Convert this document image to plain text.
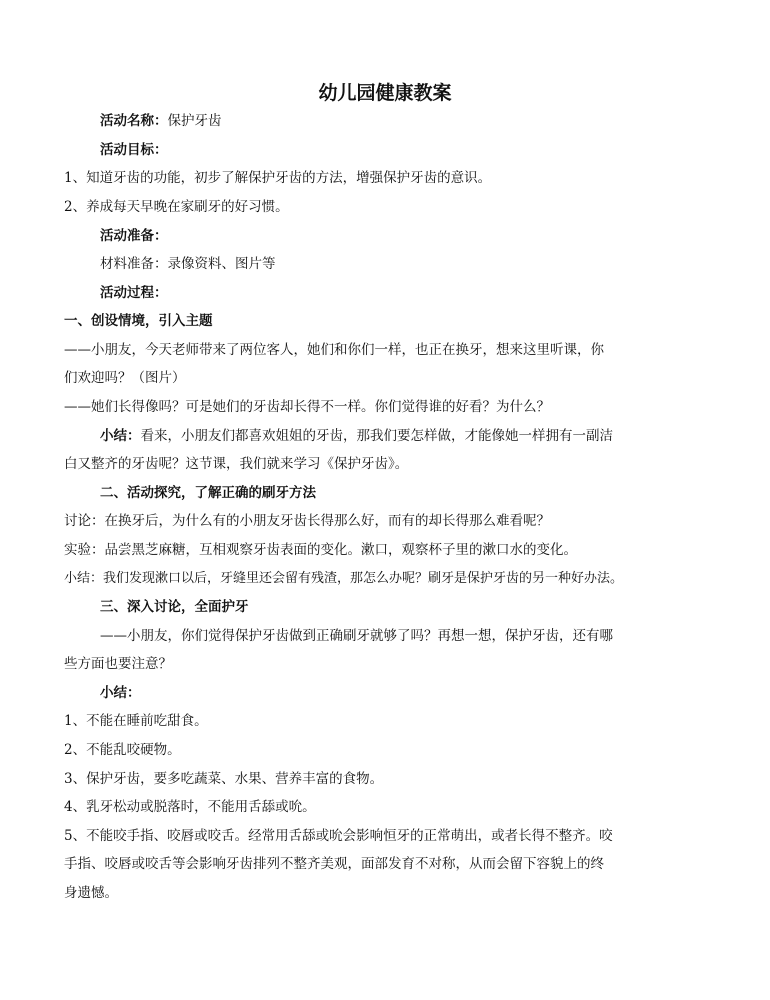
幼儿园健康教案
活动名称：保护牙齿
活动目标：
1、知道牙齿的功能，初步了解保护牙齿的方法，增强保护牙齿的意识。
2、养成每天早晚在家刷牙的好习惯。
活动准备：
材料准备：录像资料、图片等
活动过程：
一、创设情境，引入主题
——小朋友，今天老师带来了两位客人，她们和你们一样，也正在换牙，想来这里听课，你
们欢迎吗？（图片）
——她们长得像吗？可是她们的牙齿却长得不一样。你们觉得谁的好看？为什么？
小结：看来，小朋友们都喜欢姐姐的牙齿，那我们要怎样做，才能像她一样拥有一副洁
白又整齐的牙齿呢？这节课，我们就来学习《保护牙齿》。
二、活动探究，了解正确的刷牙方法
讨论：在换牙后，为什么有的小朋友牙齿长得那么好，而有的却长得那么难看呢？
实验：品尝黑芝麻糖，互相观察牙齿表面的变化。漱口，观察杯子里的漱口水的变化。
小结：我们发现漱口以后，牙缝里还会留有残渣，那怎么办呢？刷牙是保护牙齿的另一种好办法。
三、深入讨论，全面护牙
——小朋友，你们觉得保护牙齿做到正确刷牙就够了吗？再想一想，保护牙齿，还有哪
些方面也要注意？
小结：
1、不能在睡前吃甜食。
2、不能乱咬硬物。
3、保护牙齿，要多吃蔬菜、水果、营养丰富的食物。
4、乳牙松动或脱落时，不能用舌舔或吮。
5、不能咬手指、咬唇或咬舌。经常用舌舔或吮会影响恒牙的正常萌出，或者长得不整齐。咬
手指、咬唇或咬舌等会影响牙齿排列不整齐美观，面部发育不对称，从而会留下容貌上的终
身遗憾。
